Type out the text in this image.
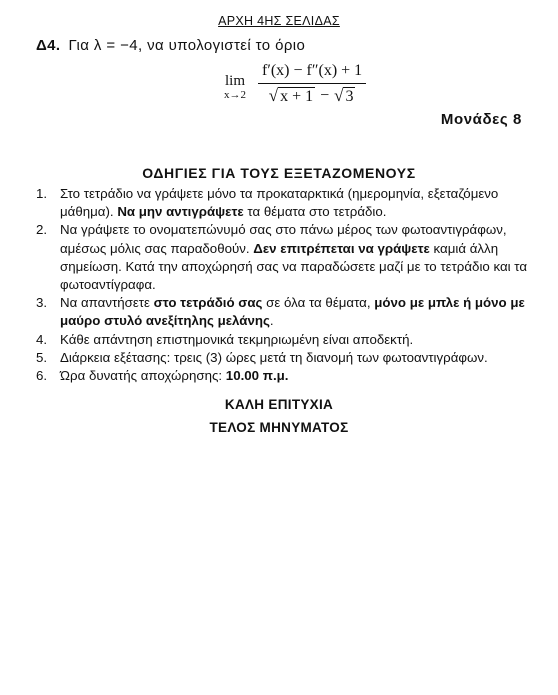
ΑΡΧΗ 4ΗΣ ΣΕΛΙΔΑΣ
Δ4. Για λ = −4, να υπολογιστεί το όριο
lim
$x\to 2 \frac{f'(x) - f''(x) + 1}{√ x + 1 - √ 3}$
Μονάδες 8
ΟΔΗΓΙΕΣ ΓΙΑ ΤΟΥΣ ΕΞΕΤΑΖΟΜΕΝΟΥΣ
1. Στο τετράδιο να γράψετε μόνο τα προκαταρκτικά (ημερομηνία, εξεταζόμενο μάθημα). Να μην αντιγράψετε τα θέματα στο τετράδιο.
2. Να γράψετε το ονοματεπώνυμό σας στο πάνω μέρος των φωτοαντιγράφων, αμέσως μόλις σας παραδοθούν. Δεν επιτρέπεται να γράψετε καμιά άλλη σημείωση. Κατά την αποχώρησή σας να παραδώσετε μαζί με το τετράδιο και τα φωτοαντίγραφα.
3. Να απαντήσετε στο τετράδιό σας σε όλα τα θέματα, μόνο με μπλε ή μόνο με μαύρο στυλό ανεξίτηλης μελάνης.
4. Κάθε απάντηση επιστημονικά τεκμηριωμένη είναι αποδεκτή.
5. Διάρκεια εξέτασης: τρεις (3) ώρες μετά τη διανομή των φωτοαντιγράφων.
6. Ώρα δυνατής αποχώρησης: 10.00 π.μ.
ΚΑΛΗ ΕΠΙΤΥΧΙΑ
ΤΕΛΟΣ ΜΗΝΥΜΑΤΟΣ
